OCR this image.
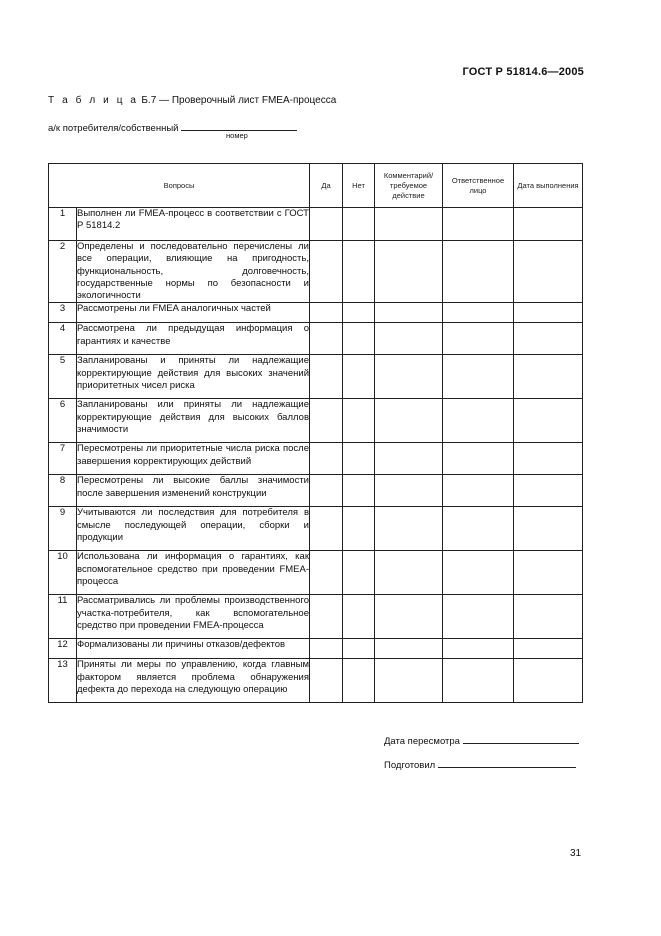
ГОСТ Р 51814.6—2005
Т а б л и ц а Б.7 — Проверочный лист FMEA-процесса
а/к потребителя/собственный
номер
Вопросы		Да	Нет	Комментарий/ требуемое действие	Ответственное лицо	Дата выполнения
1	Выполнен ли FMEA-процесс в соответствии с ГОСТ Р 51814.2					
2	Определены и последовательно перечислены ли все операции, влияющие на пригодность, функциональность, долговечность, государственные нормы по безопасности и экологичности					
3	Рассмотрены ли FMEA аналогичных частей					
4	Рассмотрена ли предыдущая информация о гарантиях и качестве					
5	Запланированы и приняты ли надлежащие корректирующие действия для высоких значений приоритетных чисел риска					
6	Запланированы или приняты ли надлежащие корректирующие действия для высоких баллов значимости					
7	Пересмотрены ли приоритетные числа риска после завершения корректирующих действий					
8	Пересмотрены ли высокие баллы значимости после завершения изменений конструкции					
9	Учитываются ли последствия для потребителя в смысле последующей операции, сборки и продукции					
10	Использована ли информация о гарантиях, как вспомогательное средство при проведении FMEA-процесса					
11	Рассматривались ли проблемы производственного участка-потребителя, как вспомогательное средство при проведении FMEA-процесса					
12	Формализованы ли причины отказов/дефектов					
13	Приняты ли меры по управлению, когда главным фактором является проблема обнаружения дефекта до перехода на следующую операцию					
Дата пересмотра
Подготовил
31
